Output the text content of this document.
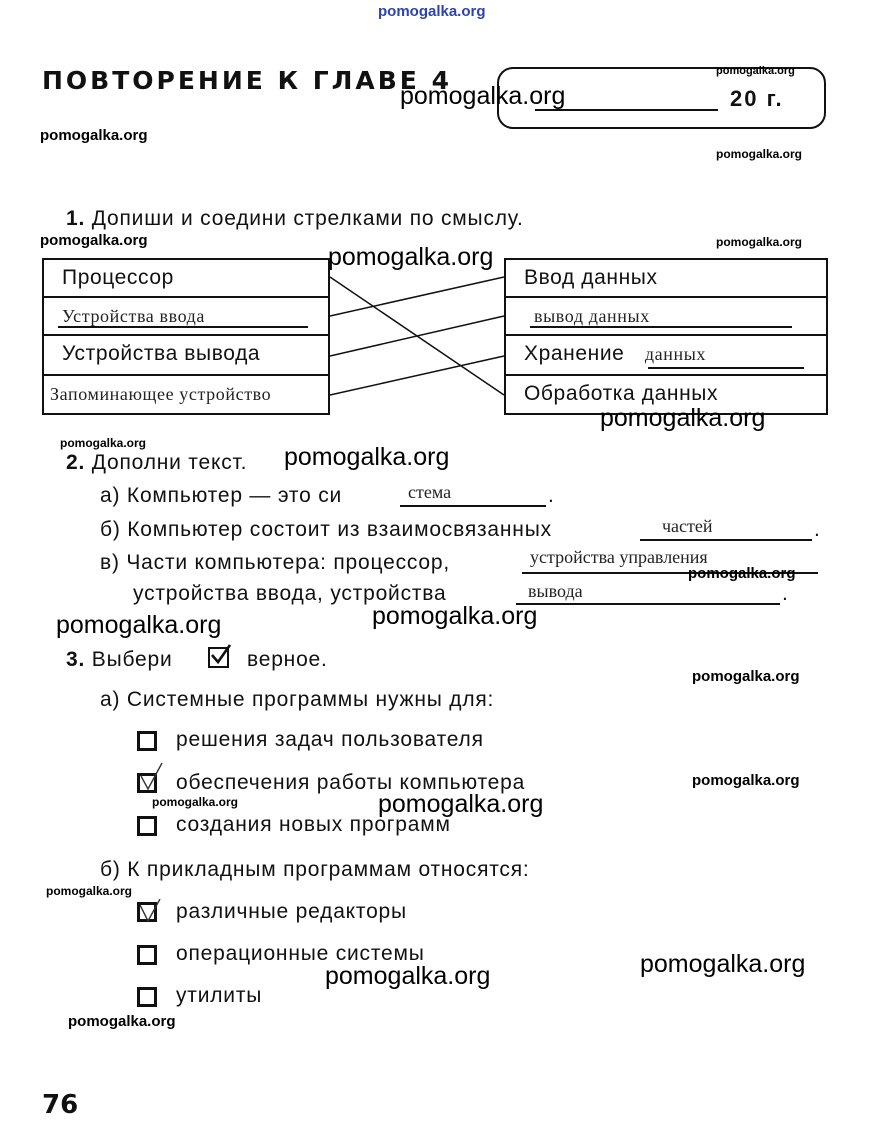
pomogalka.org
ПОВТОРЕНИЕ К ГЛАВЕ 4	pomogalka.org
pomogalka.org	20 г.
pomogalka.org
pomogalka.org
1. Допиши и соедини стрелками по смыслу.
pomogalka.org	pomogalka.org
Процессор
Устройства ввода
Устройства вывода
Запоминающее устройство
Ввод данных
вывод данных
Хранение данных
Обработка данных
pomogalka.org
pomogalka.org
pomogalka.org
2. Дополни текст. pomogalka.org
а) Компьютер — это си	стема	.
б) Компьютер состоит из взаимосвязанных	частей	.
в) Части компьютера: процессор,	устройства управления
pomogalka.org
устройства ввода, устройства	вывода	.
pomogalka.org
pomogalka.org
3. Выбери	верное.
pomogalka.org
а) Системные программы нужны для:
решения задач пользователя
обеспечения работы компьютера	pomogalka.org
pomogalka.org	pomogalka.org
создания новых программ
б) К прикладным программам относятся:
pomogalka.org
различные редакторы
операционные системы	pomogalka.org
pomogalka.org
утилиты
pomogalka.org
76
